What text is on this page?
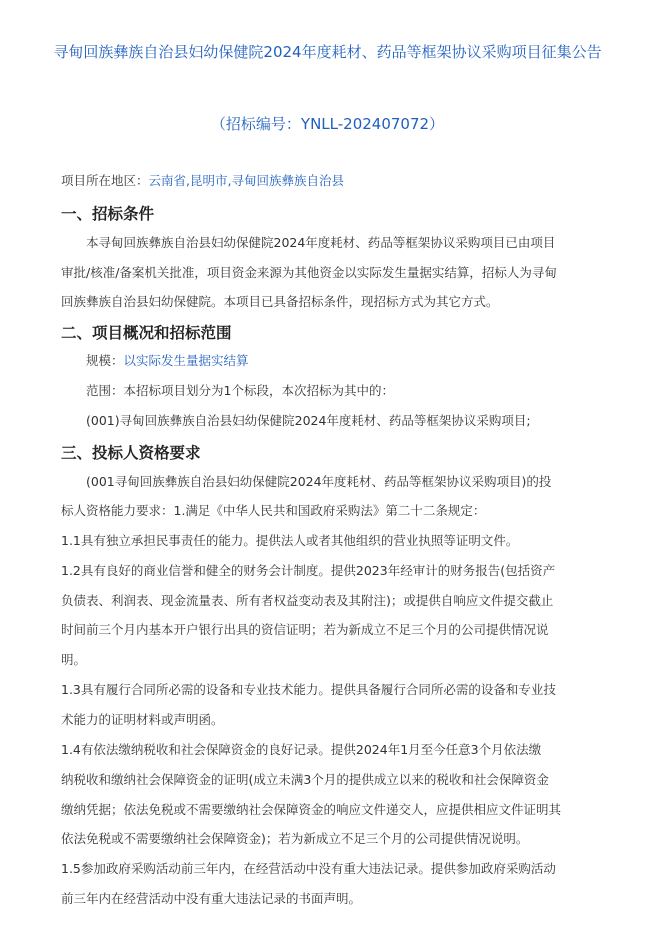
寻甸回族彝族自治县妇幼保健院2024年度耗材、药品等框架协议采购项目征集公告
（招标编号：YNLL-202407072）
项目所在地区：云南省,昆明市,寻甸回族彝族自治县
一、招标条件
本寻甸回族彝族自治县妇幼保健院2024年度耗材、药品等框架协议采购项目已由项目
审批/核准/备案机关批准，项目资金来源为其他资金以实际发生量据实结算，招标人为寻甸
回族彝族自治县妇幼保健院。本项目已具备招标条件，现招标方式为其它方式。
二、项目概况和招标范围
规模：以实际发生量据实结算
范围：本招标项目划分为1个标段，本次招标为其中的：
(001)寻甸回族彝族自治县妇幼保健院2024年度耗材、药品等框架协议采购项目;
三、投标人资格要求
(001寻甸回族彝族自治县妇幼保健院2024年度耗材、药品等框架协议采购项目)的投
标人资格能力要求：1.满足《中华人民共和国政府采购法》第二十二条规定：
1.1具有独立承担民事责任的能力。提供法人或者其他组织的营业执照等证明文件。
1.2具有良好的商业信誉和健全的财务会计制度。提供2023年经审计的财务报告(包括资产
负债表、利润表、现金流量表、所有者权益变动表及其附注)；或提供自响应文件提交截止
时间前三个月内基本开户银行出具的资信证明；若为新成立不足三个月的公司提供情况说
明。
1.3具有履行合同所必需的设备和专业技术能力。提供具备履行合同所必需的设备和专业技
术能力的证明材料或声明函。
1.4有依法缴纳税收和社会保障资金的良好记录。提供2024年1月至今任意3个月依法缴
纳税收和缴纳社会保障资金的证明(成立未满3个月的提供成立以来的税收和社会保障资金
缴纳凭据；依法免税或不需要缴纳社会保障资金的响应文件递交人，应提供相应文件证明其
依法免税或不需要缴纳社会保障资金)；若为新成立不足三个月的公司提供情况说明。
1.5参加政府采购活动前三年内，在经营活动中没有重大违法记录。提供参加政府采购活动
前三年内在经营活动中没有重大违法记录的书面声明。
